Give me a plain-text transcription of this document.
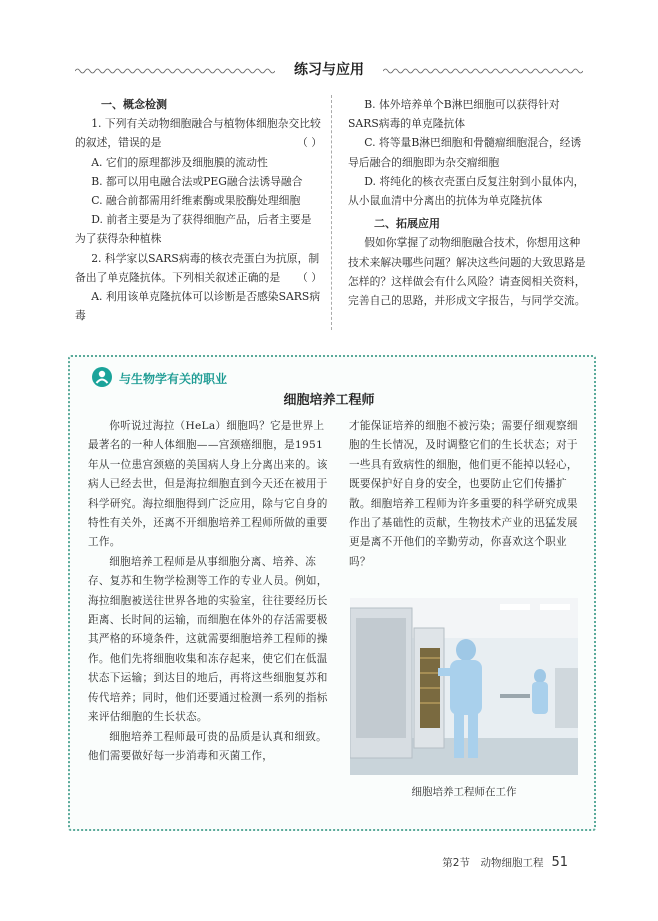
练习与应用

一、概念检测

1. 下列有关动物细胞融合与植物体细胞杂交比较的叙述，错误的是	（ ）

A. 它们的原理都涉及细胞膜的流动性

B. 都可以用电融合法或PEG融合法诱导融合

C. 融合前都需用纤维素酶或果胶酶处理细胞

D. 前者主要是为了获得细胞产品，后者主要是为了获得杂种植株

2. 科学家以SARS病毒的核衣壳蛋白为抗原，制备出了单克隆抗体。下列相关叙述正确的是	（ ）

A. 利用该单克隆抗体可以诊断是否感染SARS病毒

B. 体外培养单个B淋巴细胞可以获得针对SARS病毒的单克隆抗体

C. 将等量B淋巴细胞和骨髓瘤细胞混合，经诱导后融合的细胞即为杂交瘤细胞

D. 将纯化的核衣壳蛋白反复注射到小鼠体内，从小鼠血清中分离出的抗体为单克隆抗体

二、拓展应用

假如你掌握了动物细胞融合技术，你想用这种技术来解决哪些问题？解决这些问题的大致思路是怎样的？这样做会有什么风险？请查阅相关资料，完善自己的思路，并形成文字报告，与同学交流。

与生物学有关的职业
细胞培养工程师

你听说过海拉（HeLa）细胞吗？它是世界上最著名的一种人体细胞——宫颈癌细胞，是1951年从一位患宫颈癌的美国病人身上分离出来的。该病人已经去世，但是海拉细胞直到今天还在被用于科学研究。海拉细胞得到广泛应用，除与它自身的特性有关外，还离不开细胞培养工程师所做的重要工作。

细胞培养工程师是从事细胞分离、培养、冻存、复苏和生物学检测等工作的专业人员。例如，海拉细胞被送往世界各地的实验室，往往要经历长距离、长时间的运输，而细胞在体外的存活需要极其严格的环境条件，这就需要细胞培养工程师的操作。他们先将细胞收集和冻存起来，使它们在低温状态下运输；到达目的地后，再将这些细胞复苏和传代培养；同时，他们还要通过检测一系列的指标来评估细胞的生长状态。

细胞培养工程师最可贵的品质是认真和细致。他们需要做好每一步消毒和灭菌工作，

才能保证培养的细胞不被污染；需要仔细观察细胞的生长情况，及时调整它们的生长状态；对于一些具有致病性的细胞，他们更不能掉以轻心，既要保护好自身的安全，也要防止它们传播扩散。细胞培养工程师为许多重要的科学研究成果作出了基础性的贡献，生物技术产业的迅猛发展更是离不开他们的辛勤劳动，你喜欢这个职业吗？

细胞培养工程师在工作
第2节　动物细胞工程 51
